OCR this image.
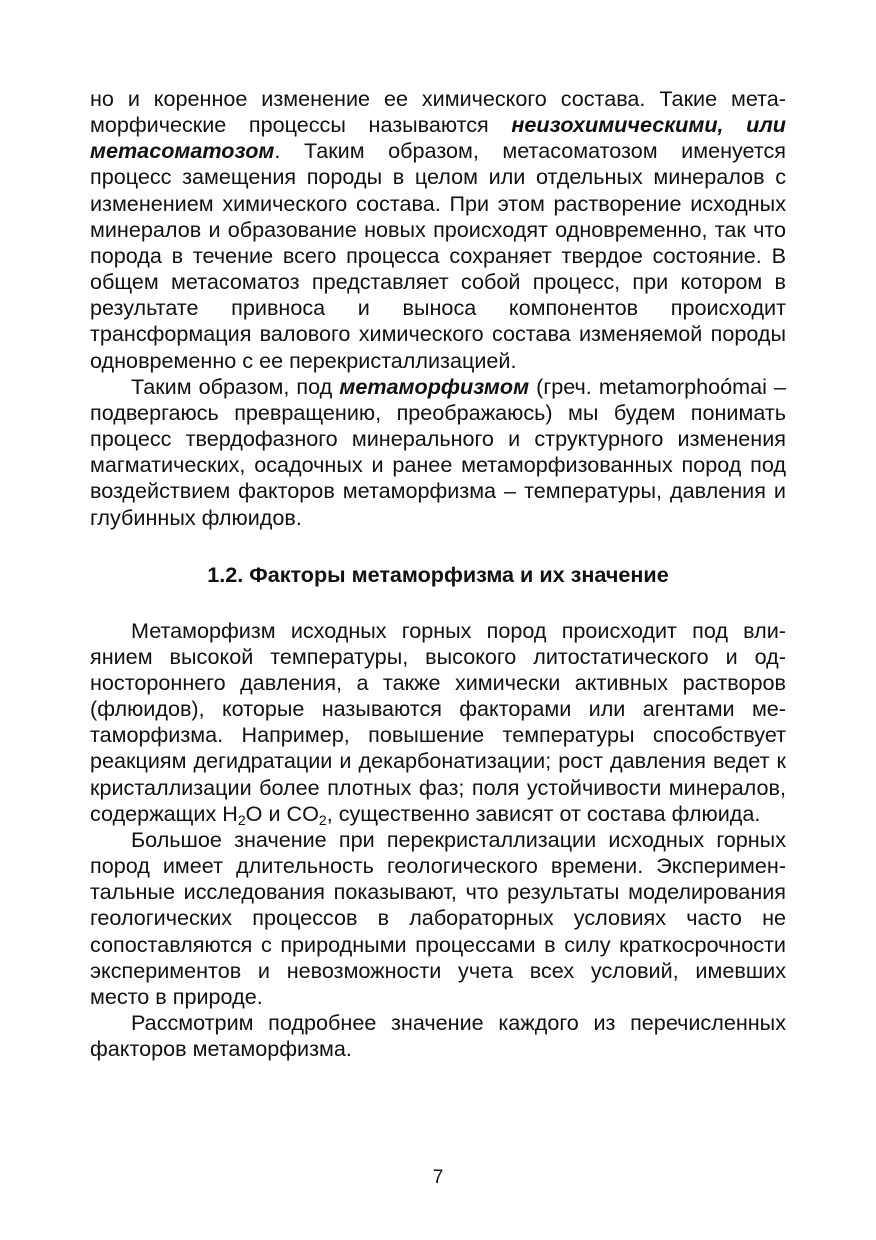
но и коренное изменение ее химического состава. Такие метаморфические процессы называются неизохимическими, или метасоматозом. Таким образом, метасоматозом именуется процесс замещения породы в целом или отдельных минералов с изменением химического состава. При этом растворение исходных минералов и образование новых происходят одновременно, так что порода в течение всего процесса сохраняет твердое состояние. В общем метасоматоз представляет собой процесс, при котором в результате привноса и выноса компонентов происходит трансформация валового химического состава изменяемой породы одновременно с ее перекристаллизацией.

Таким образом, под метаморфизмом (греч. metamorphoómai – подвергаюсь превращению, преображаюсь) мы будем понимать процесс твердофазного минерального и структурного изменения магматических, осадочных и ранее метаморфизованных пород под воздействием факторов метаморфизма – температуры, давления и глубинных флюидов.

1.2. Факторы метаморфизма и их значение

Метаморфизм исходных горных пород происходит под влиянием высокой температуры, высокого литостатического и одностороннего давления, а также химически активных растворов (флюидов), которые называются факторами или агентами метаморфизма. Например, повышение температуры способствует реакциям дегидратации и декарбонатизации; рост давления ведет к кристаллизации более плотных фаз; поля устойчивости минералов, содержащих $H_2O$ и $CO_2$, существенно зависят от состава флюида.

Большое значение при перекристаллизации исходных горных пород имеет длительность геологического времени. Экспериментальные исследования показывают, что результаты моделирования геологических процессов в лабораторных условиях часто не сопоставляются с природными процессами в силу краткосрочности экспериментов и невозможности учета всех условий, имевших место в природе.

Рассмотрим подробнее значение каждого из перечисленных факторов метаморфизма.

7
